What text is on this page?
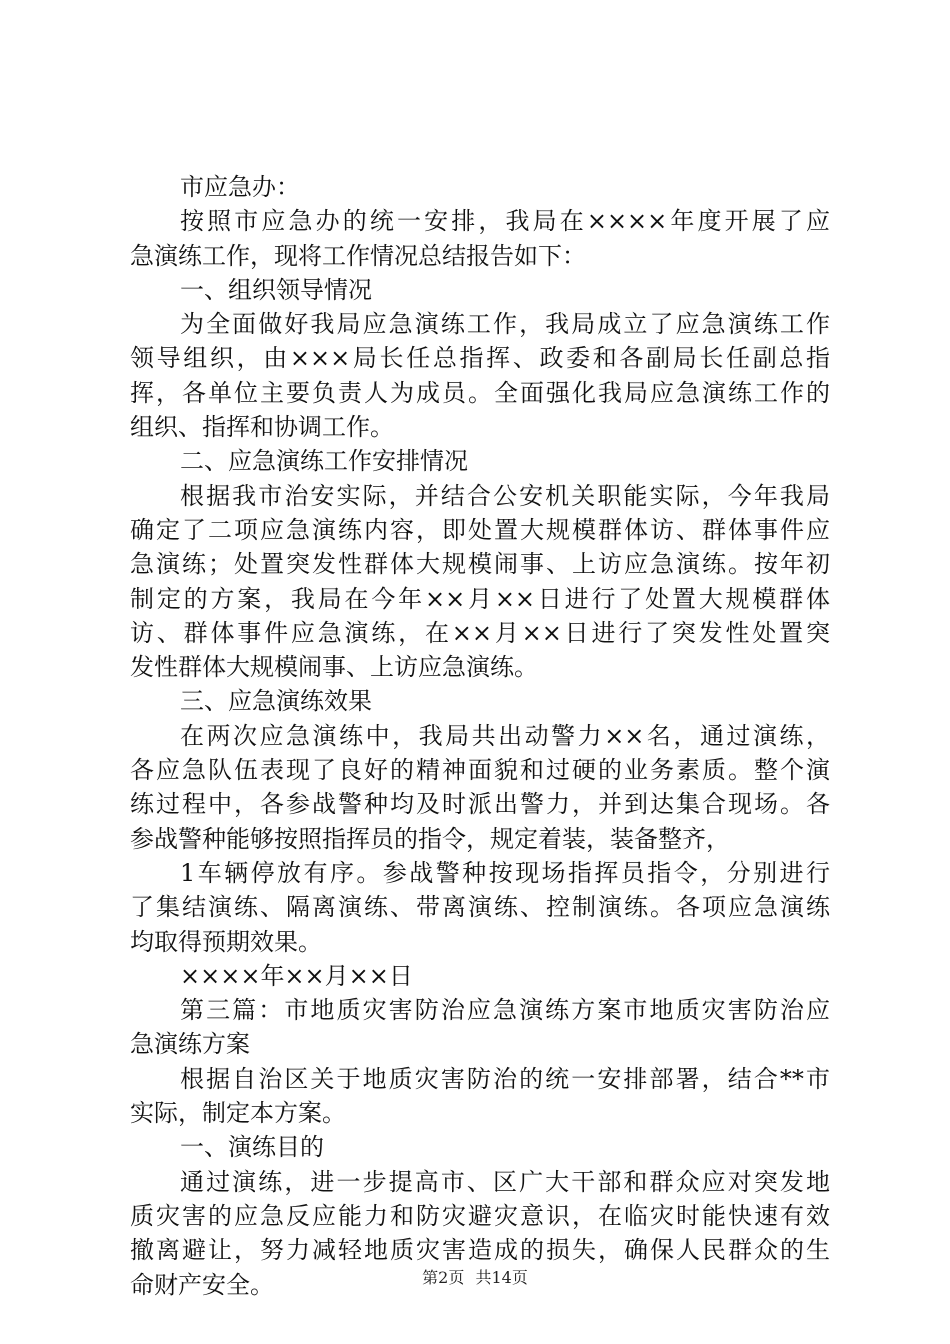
市应急办：
按照市应急办的统一安排，我局在××××年度开展了应
急演练工作，现将工作情况总结报告如下：
一、组织领导情况
为全面做好我局应急演练工作，我局成立了应急演练工作
领导组织，由×××局长任总指挥、政委和各副局长任副总指
挥，各单位主要负责人为成员。全面强化我局应急演练工作的
组织、指挥和协调工作。
二、应急演练工作安排情况
根据我市治安实际，并结合公安机关职能实际，今年我局
确定了二项应急演练内容，即处置大规模群体访、群体事件应
急演练；处置突发性群体大规模闹事、上访应急演练。按年初
制定的方案，我局在今年××月××日进行了处置大规模群体
访、群体事件应急演练，在××月××日进行了突发性处置突
发性群体大规模闹事、上访应急演练。
三、应急演练效果
在两次应急演练中，我局共出动警力××名，通过演练，
各应急队伍表现了良好的精神面貌和过硬的业务素质。整个演
练过程中，各参战警种均及时派出警力，并到达集合现场。各
参战警种能够按照指挥员的指令，规定着装，装备整齐，
1车辆停放有序。参战警种按现场指挥员指令，分别进行
了集结演练、隔离演练、带离演练、控制演练。各项应急演练
均取得预期效果。
××××年××月××日
第三篇：市地质灾害防治应急演练方案市地质灾害防治应
急演练方案
根据自治区关于地质灾害防治的统一安排部署，结合**市
实际，制定本方案。
一、演练目的
通过演练，进一步提高市、区广大干部和群众应对突发地
质灾害的应急反应能力和防灾避灾意识，在临灾时能快速有效
撤离避让，努力减轻地质灾害造成的损失，确保人民群众的生
命财产安全。	第2页 共14页
